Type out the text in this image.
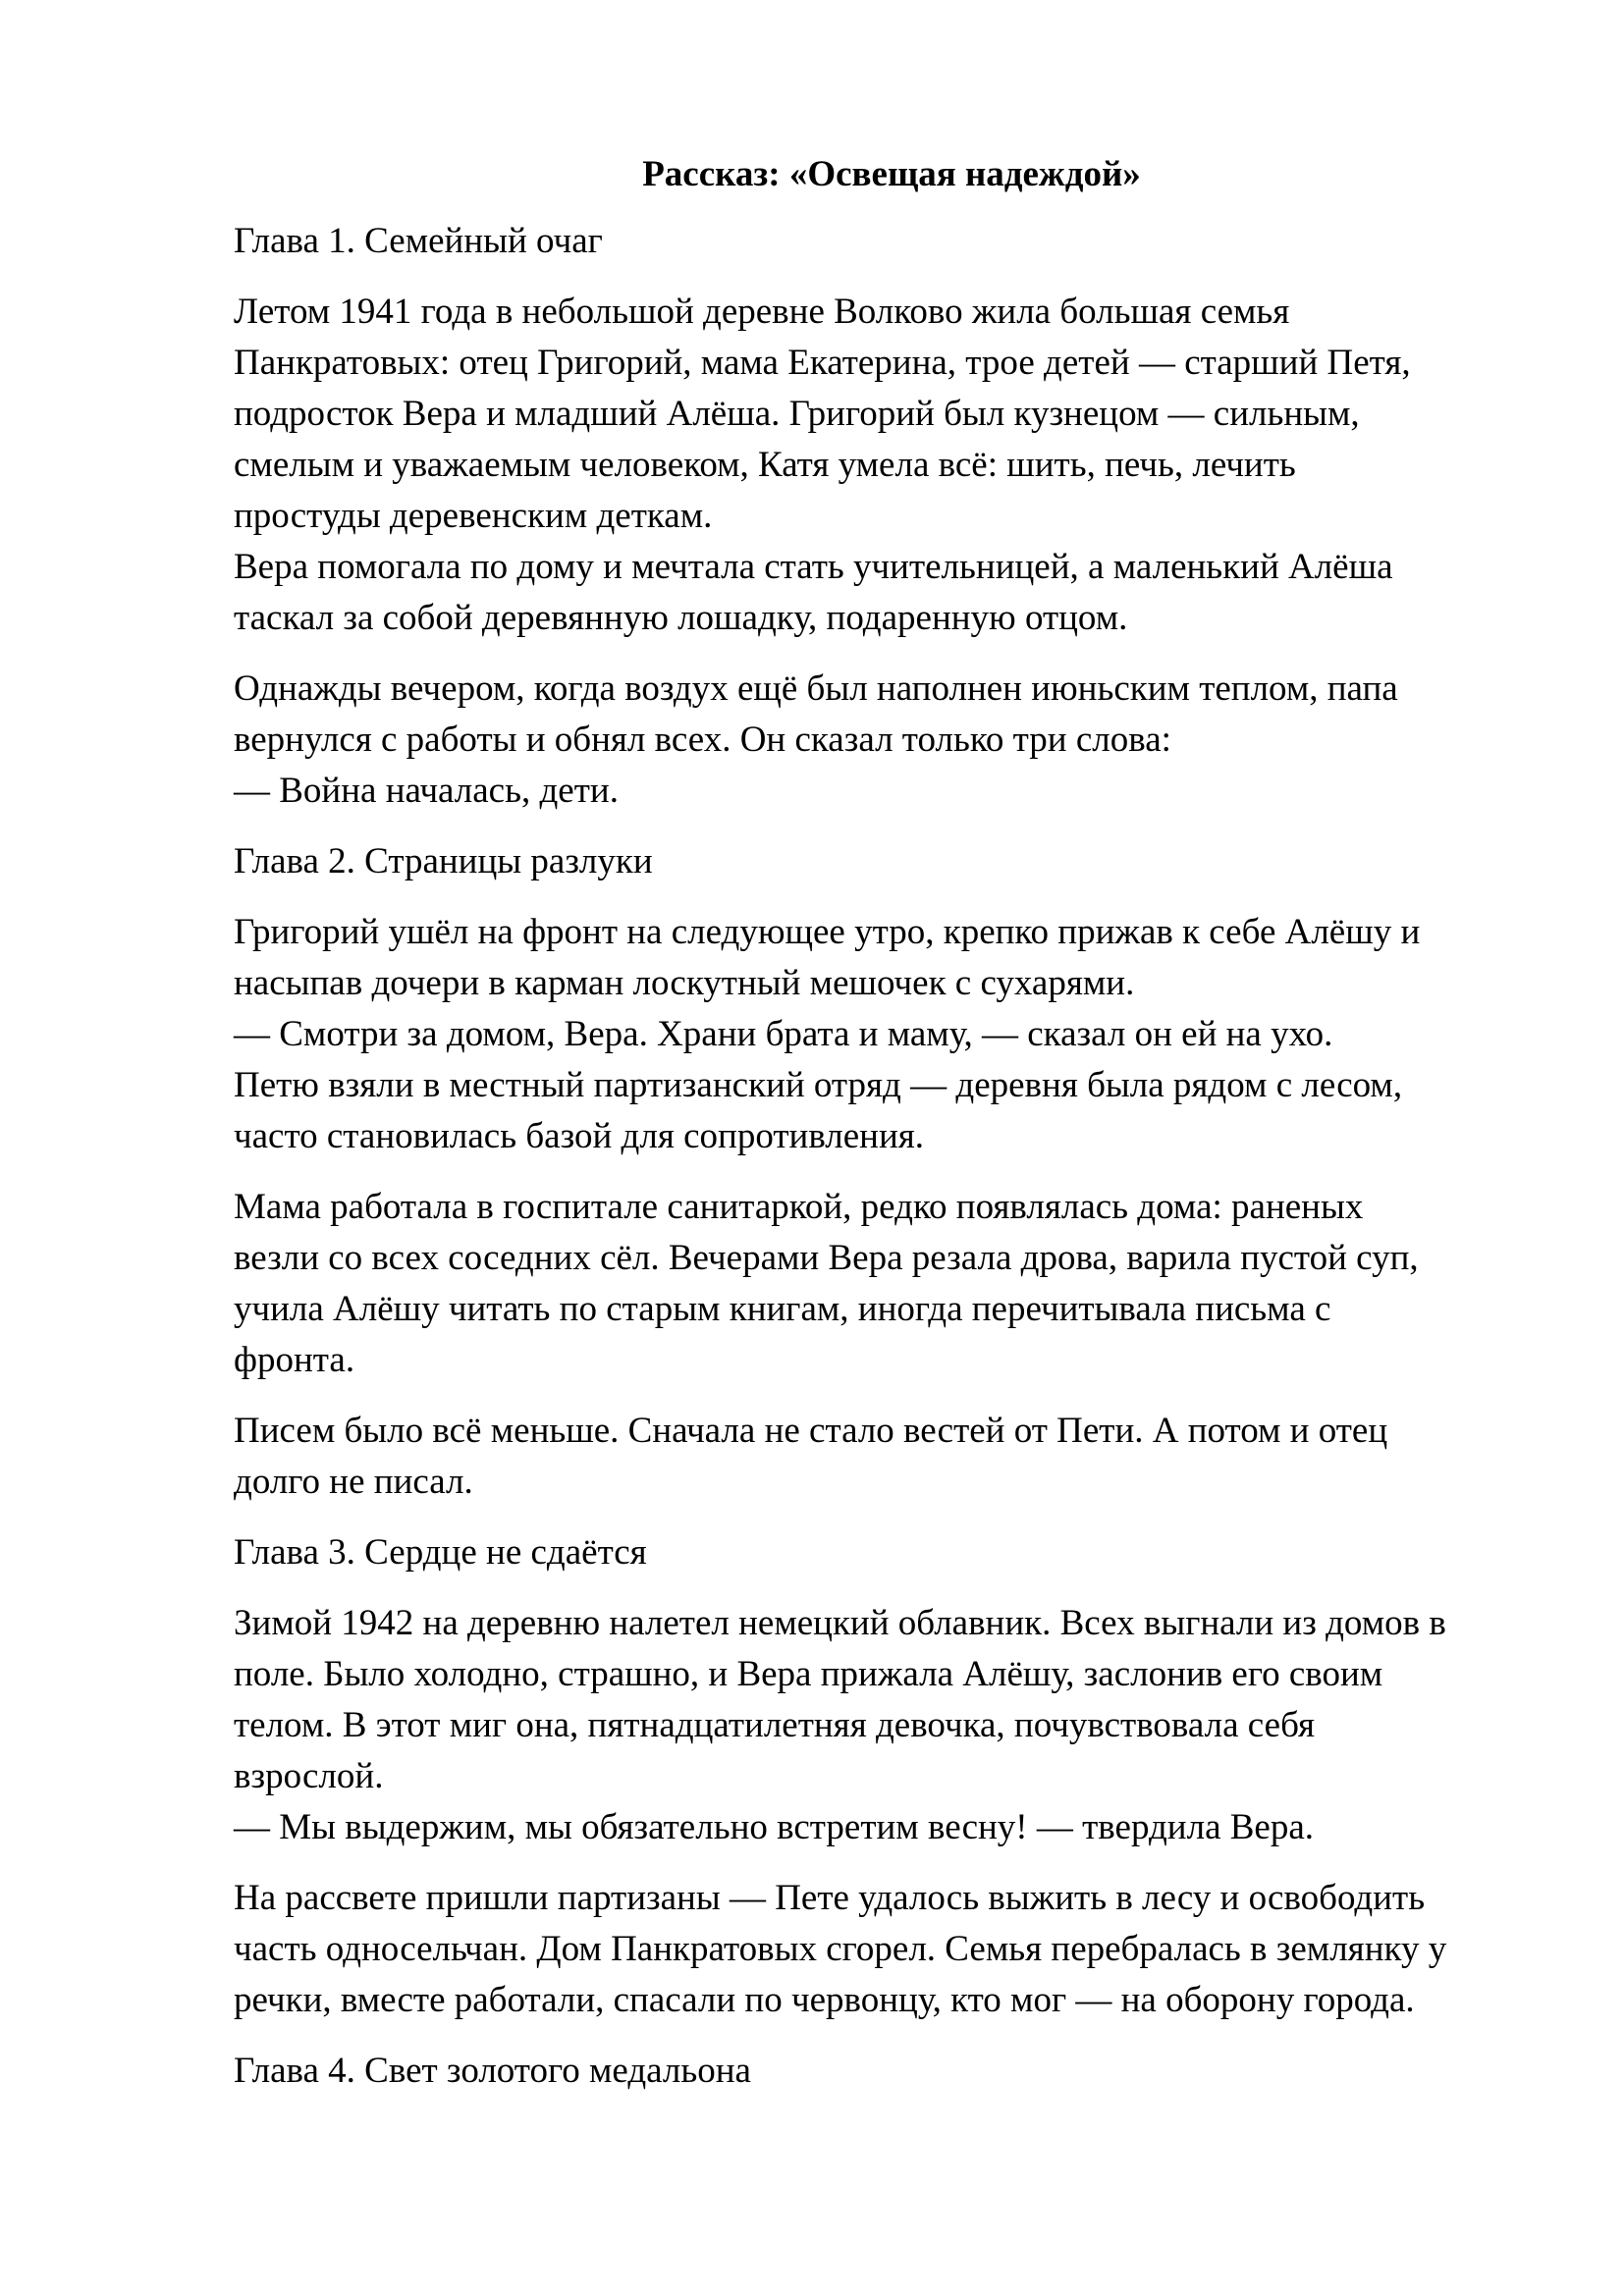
Рассказ: «Освещая надеждой»
Глава 1. Семейный очаг
Летом 1941 года в небольшой деревне Волково жила большая семья
Панкратовых: отец Григорий, мама Екатерина, трое детей — старший Петя,
подросток Вера и младший Алёша. Григорий был кузнецом — сильным,
смелым и уважаемым человеком, Катя умела всё: шить, печь, лечить
простуды деревенским деткам.
Вера помогала по дому и мечтала стать учительницей, а маленький Алёша
таскал за собой деревянную лошадку, подаренную отцом.
Однажды вечером, когда воздух ещё был наполнен июньским теплом, папа
вернулся с работы и обнял всех. Он сказал только три слова:
— Война началась, дети.
Глава 2. Страницы разлуки
Григорий ушёл на фронт на следующее утро, крепко прижав к себе Алёшу и
насыпав дочери в карман лоскутный мешочек с сухарями.
— Смотри за домом, Вера. Храни брата и маму, — сказал он ей на ухо.
Петю взяли в местный партизанский отряд — деревня была рядом с лесом,
часто становилась базой для сопротивления.
Мама работала в госпитале санитаркой, редко появлялась дома: раненых
везли со всех соседних сёл. Вечерами Вера резала дрова, варила пустой суп,
учила Алёшу читать по старым книгам, иногда перечитывала письма с
фронта.
Писем было всё меньше. Сначала не стало вестей от Пети. А потом и отец
долго не писал.
Глава 3. Сердце не сдаётся
Зимой 1942 на деревню налетел немецкий облавник. Всех выгнали из домов в
поле. Было холодно, страшно, и Вера прижала Алёшу, заслонив его своим
телом. В этот миг она, пятнадцатилетняя девочка, почувствовала себя
взрослой.
— Мы выдержим, мы обязательно встретим весну! — твердила Вера.
На рассвете пришли партизаны — Пете удалось выжить в лесу и освободить
часть односельчан. Дом Панкратовых сгорел. Семья перебралась в землянку у
речки, вместе работали, спасали по червонцу, кто мог — на оборону города.
Глава 4. Свет золотого медальона
